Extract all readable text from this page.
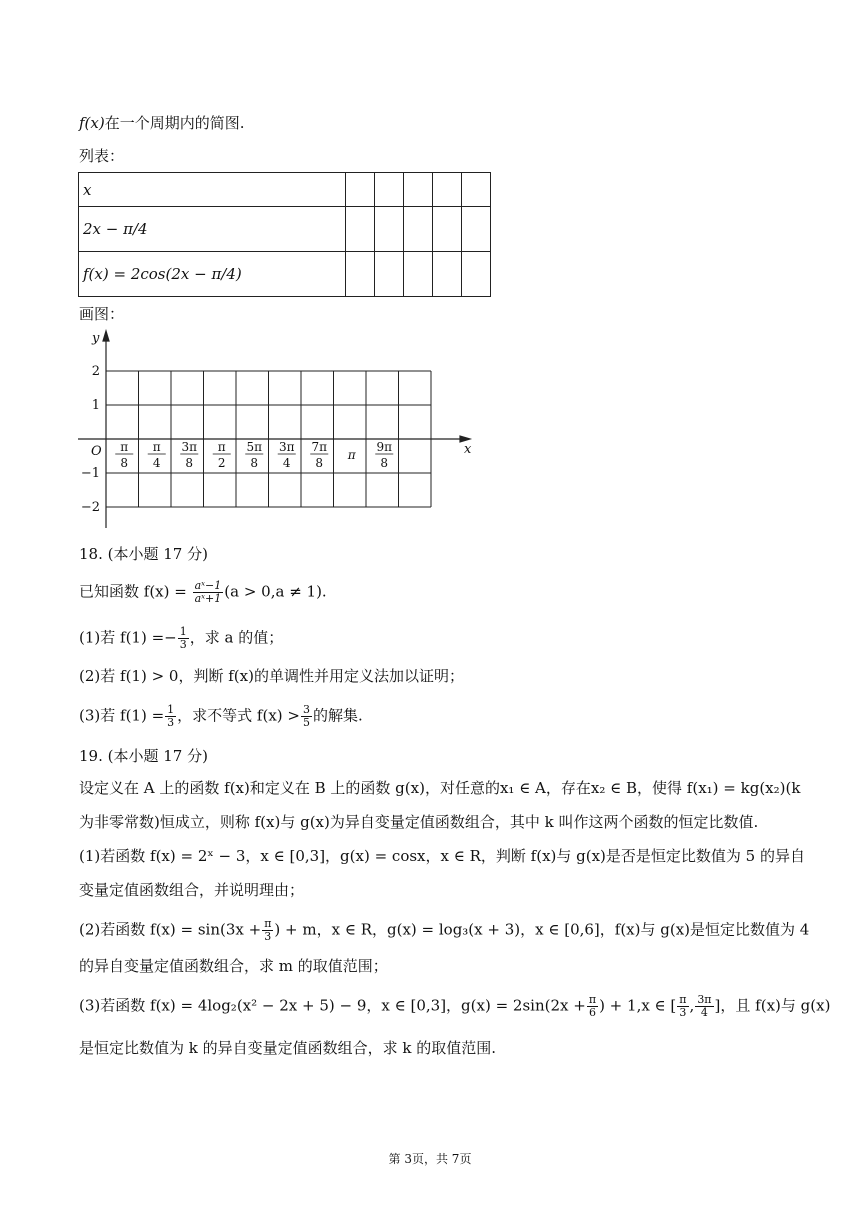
f(x)在一个周期内的简图.
列表：
x					
2x − π/4					
f(x) = 2cos(2x − π/4)					
画图：
y
x
O
2
1
−1
−2
π
8
π
4
3π
8
π
2
5π
8
3π
4
7π
8
π
9π
8
18. (本小题 17 分)
已知函数 $f(x) = \frac{\text{aˣ−1}}{\text{aˣ+1}} (a > 0,a \ne 1)$.
(1)若 $f(1) =- \frac{1}{3}$ ，求 a 的值；
(2)若 f(1) > 0，判断 f(x)的单调性并用定义法加以证明；
(3)若 $f(1) = \frac{1}{3}$ ，求不等式 $f(x) > \frac{3}{5}$ 的解集.
19. (本小题 17 分)
设定义在 A 上的函数 f(x)和定义在 B 上的函数 g(x)，对任意的x₁ ∈ A，存在x₂ ∈ B，使得 f(x₁) = kg(x₂)(k
为非零常数)恒成立，则称 f(x)与 g(x)为异自变量定值函数组合，其中 k 叫作这两个函数的恒定比数值.
(1)若函数 f(x) = 2ˣ − 3，x ∈ [0,3]，g(x) = cosx，x ∈ R，判断 f(x)与 g(x)是否是恒定比数值为 5 的异自
变量定值函数组合，并说明理由；
(2)若函数 $f(x) = \sin(3x + \frac{\pi}{3}$ ) + m，x ∈ R，g(x) = log₃(x + 3)，x ∈ [0,6]，f(x)与 g(x)是恒定比数值为 4
的异自变量定值函数组合，求 m 的取值范围；
(3)若函数 f(x) = 4log₂(x² − 2x + 5) − 9，x ∈ [0,3]，$g(x) = 2\sin(2x + \frac{\pi}{6}$ ) + 1,x ∈ [ $\frac{\pi}{3}$ , $\frac{3\pi}{4}$ ]，且 f(x)与 g(x)
是恒定比数值为 k 的异自变量定值函数组合，求 k 的取值范围.
第 3页，共 7页
